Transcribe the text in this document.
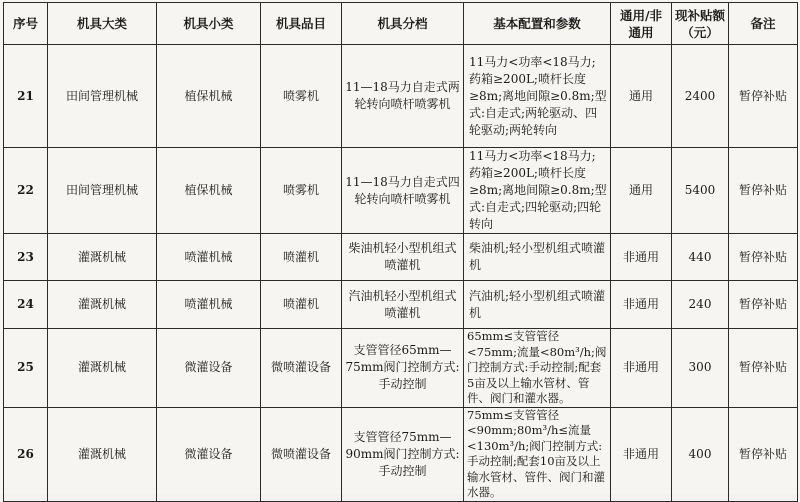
序号	机具大类	机具小类	机具品目	机具分档	基本配置和参数	通用/非通用	现补贴额（元）	备注
21	田间管理机械	植保机械	喷雾机	11—18马力自走式两轮转向喷杆喷雾机	11马力<功率<18马力;药箱≥200L;喷杆长度≥8m;离地间隙≥0.8m;型式:自走式;两轮驱动、四轮驱动;两轮转向	通用	2400	暂停补贴
22	田间管理机械	植保机械	喷雾机	11—18马力自走式四轮转向喷杆喷雾机	11马力<功率<18马力;药箱≥200L;喷杆长度≥8m;离地间隙≥0.8m;型式:自走式;四轮驱动;四轮转向	通用	5400	暂停补贴
23	灌溉机械	喷灌机械	喷灌机	柴油机轻小型机组式喷灌机	柴油机;轻小型机组式喷灌机	非通用	440	暂停补贴
24	灌溉机械	喷灌机械	喷灌机	汽油机轻小型机组式喷灌机	汽油机;轻小型机组式喷灌机	非通用	240	暂停补贴
25	灌溉机械	微灌设备	微喷灌设备	支管管径65mm—75mm阀门控制方式:手动控制	65mm≤支管管径<75mm;流量<80m³/h;阀门控制方式:手动控制;配套5亩及以上输水管材、管件、阀门和灌水器。	非通用	300	暂停补贴
26	灌溉机械	微灌设备	微喷灌设备	支管管径75mm—90mm阀门控制方式:手动控制	75mm≤支管管径<90mm;80m³/h≤流量<130m³/h;阀门控制方式:手动控制;配套10亩及以上输水管材、管件、阀门和灌水器。	非通用	400	暂停补贴
